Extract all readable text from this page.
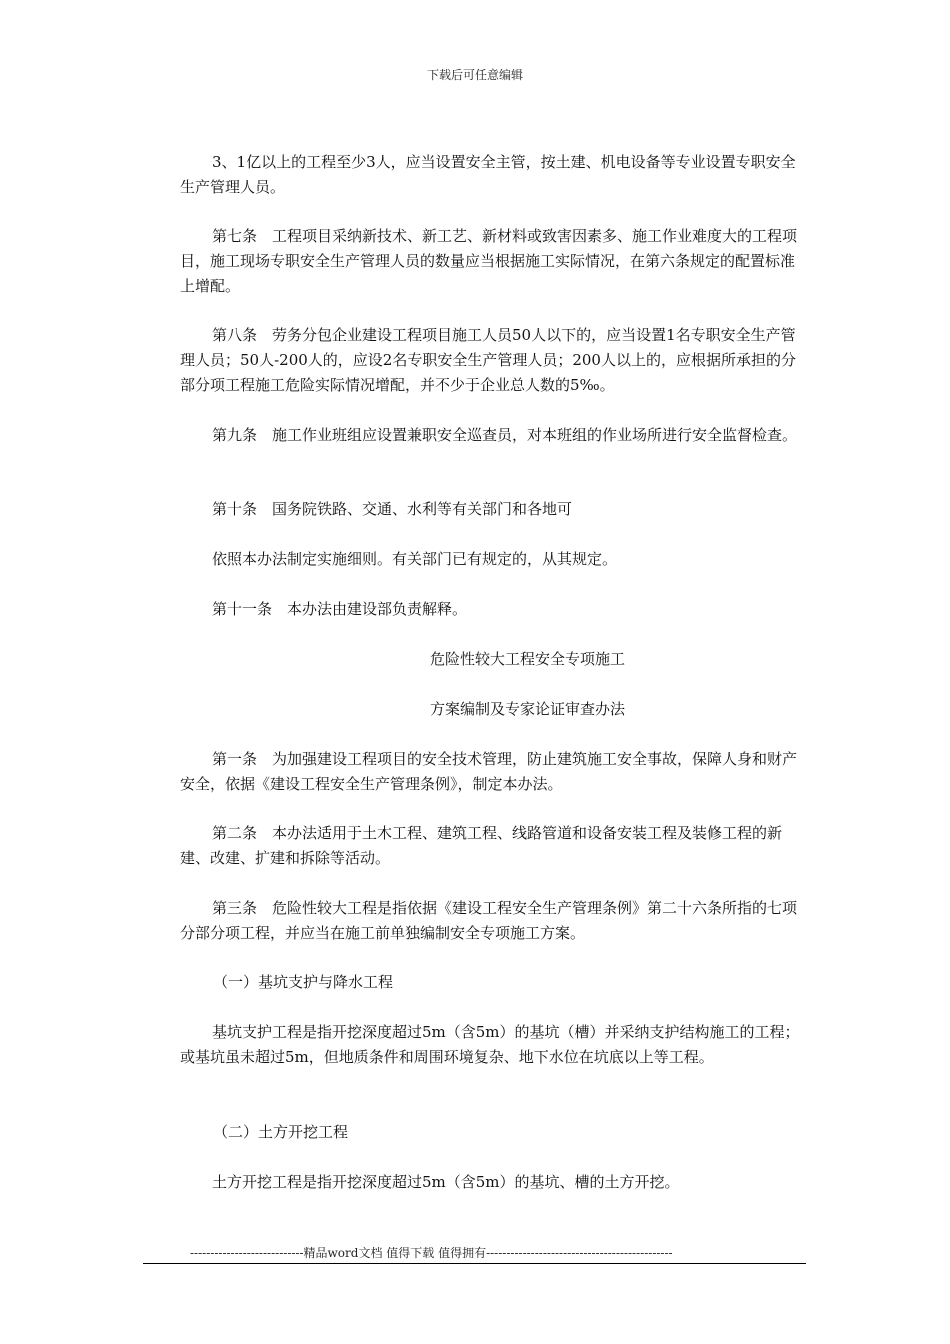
下载后可任意编辑

3、1亿以上的工程至少3人，应当设置安全主管，按土建、机电设备等专业设置专职安全生产管理人员。

第七条　工程项目采纳新技术、新工艺、新材料或致害因素多、施工作业难度大的工程项目，施工现场专职安全生产管理人员的数量应当根据施工实际情况，在第六条规定的配置标准上增配。

第八条　劳务分包企业建设工程项目施工人员50人以下的，应当设置1名专职安全生产管理人员；50人-200人的，应设2名专职安全生产管理人员；200人以上的，应根据所承担的分部分项工程施工危险实际情况增配，并不少于企业总人数的5‰。

第九条　施工作业班组应设置兼职安全巡查员，对本班组的作业场所进行安全监督检查。

第十条　国务院铁路、交通、水利等有关部门和各地可

依照本办法制定实施细则。有关部门已有规定的，从其规定。

第十一条　本办法由建设部负责解释。

危险性较大工程安全专项施工
方案编制及专家论证审查办法

第一条　为加强建设工程项目的安全技术管理，防止建筑施工安全事故，保障人身和财产安全，依据《建设工程安全生产管理条例》，制定本办法。

第二条　本办法适用于土木工程、建筑工程、线路管道和设备安装工程及装修工程的新建、改建、扩建和拆除等活动。

第三条　危险性较大工程是指依据《建设工程安全生产管理条例》第二十六条所指的七项分部分项工程，并应当在施工前单独编制安全专项施工方案。

（一）基坑支护与降水工程

基坑支护工程是指开挖深度超过5m（含5m）的基坑（槽）并采纳支护结构施工的工程；或基坑虽未超过5m，但地质条件和周围环境复杂、地下水位在坑底以上等工程。

（二）土方开挖工程

土方开挖工程是指开挖深度超过5m（含5m）的基坑、槽的土方开挖。

----------------------------精品word文档 值得下载 值得拥有----------------------------------------------
